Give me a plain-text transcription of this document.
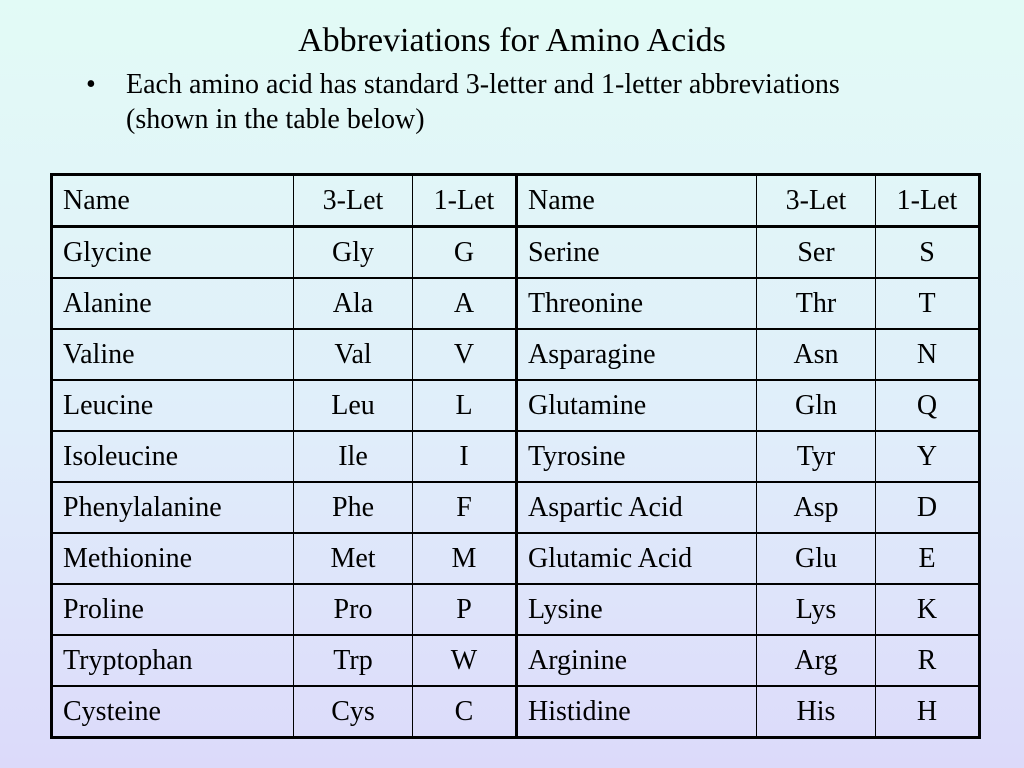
Abbreviations for Amino Acids
• Each amino acid has standard 3-letter and 1-letter abbreviations (shown in the table below)
Name	3-Let	1-Let	Name	3-Let	1-Let
Glycine	Gly	G	Serine	Ser	S
Alanine	Ala	A	Threonine	Thr	T
Valine	Val	V	Asparagine	Asn	N
Leucine	Leu	L	Glutamine	Gln	Q
Isoleucine	Ile	I	Tyrosine	Tyr	Y
Phenylalanine	Phe	F	Aspartic Acid	Asp	D
Methionine	Met	M	Glutamic Acid	Glu	E
Proline	Pro	P	Lysine	Lys	K
Tryptophan	Trp	W	Arginine	Arg	R
Cysteine	Cys	C	Histidine	His	H
